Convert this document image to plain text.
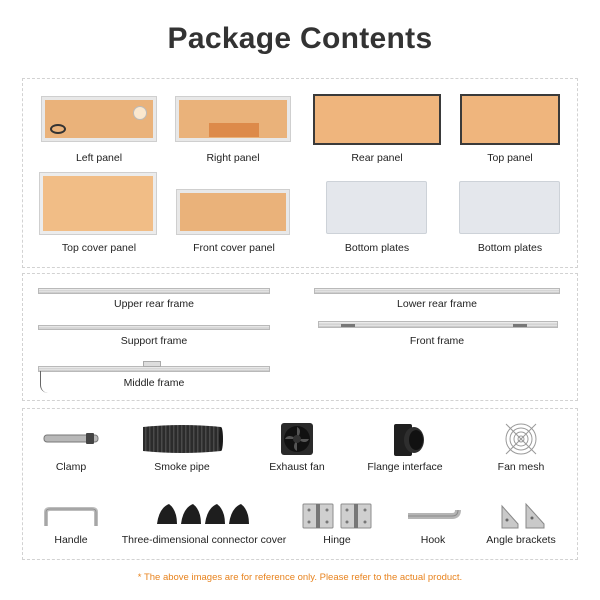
Package Contents
Left panel	Right panel	Rear panel	Top panel
Top cover panel	Front cover panel	Bottom plates	Bottom plates
Upper rear frame	Lower rear frame
Support frame	Front frame
Middle frame
Clamp	Smoke pipe	Exhaust fan	Flange interface	Fan mesh
Handle	Three-dimensional connector cover	Hinge	Hook	Angle brackets
* The above images are for reference only. Please refer to the actual product.
